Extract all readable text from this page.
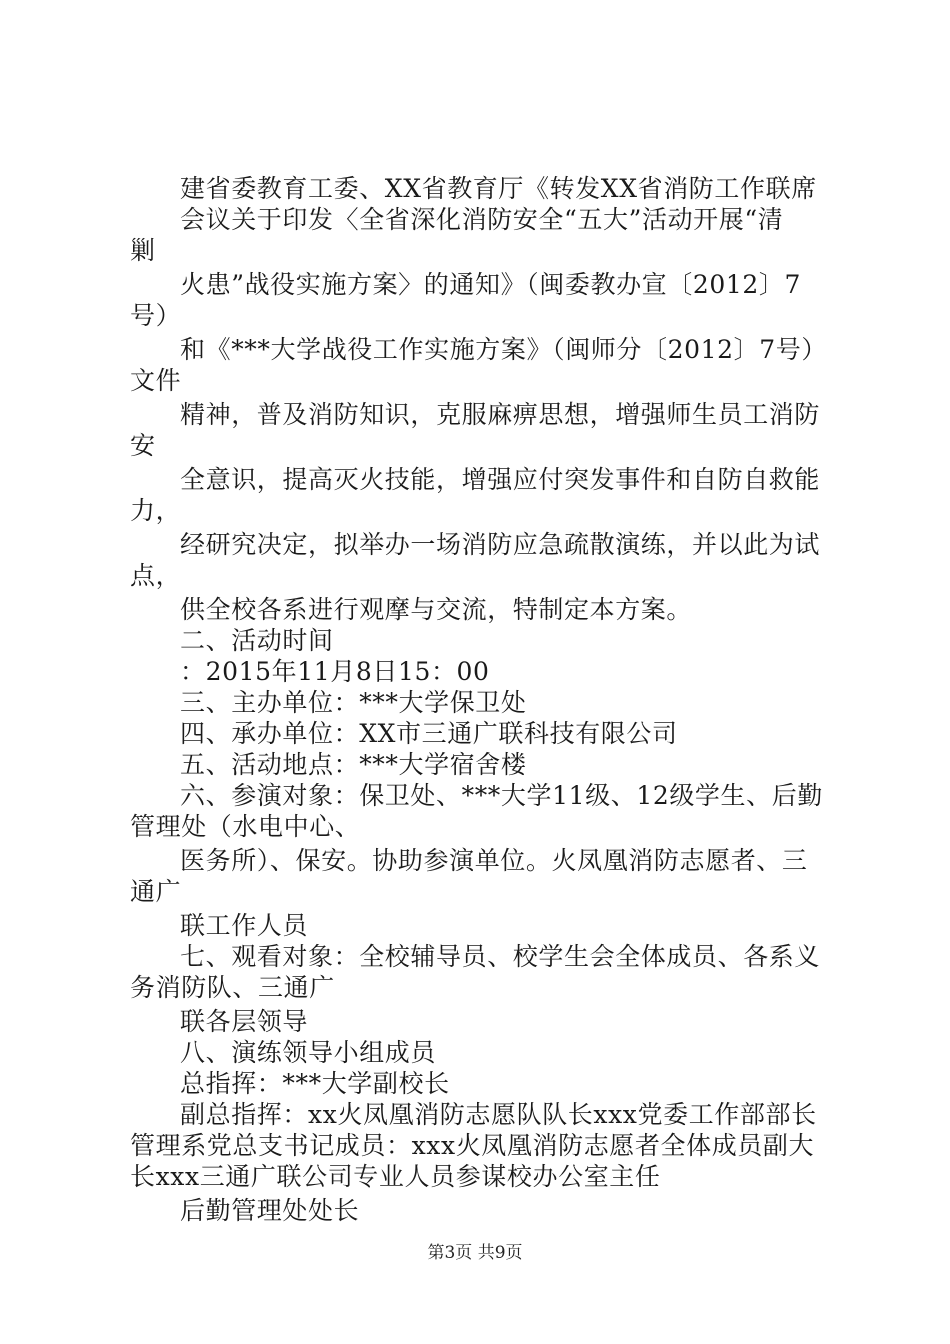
建省委教育工委、XX省教育厅《转发XX省消防工作联席
会议关于印发〈全省深化消防安全“五大”活动开展“清
剿
火患”战役实施方案〉的通知》（闽委教办宣〔2012〕7
号）
和《***大学战役工作实施方案》（闽师分〔2012〕7号）
文件
精神，普及消防知识，克服麻痹思想，增强师生员工消防
安
全意识，提高灭火技能，增强应付突发事件和自防自救能
力，
经研究决定，拟举办一场消防应急疏散演练，并以此为试
点，
供全校各系进行观摩与交流，特制定本方案。
二、活动时间
：2015年11月8日15：00
三、主办单位：***大学保卫处
四、承办单位：XX市三通广联科技有限公司
五、活动地点：***大学宿舍楼
六、参演对象：保卫处、***大学11级、12级学生、后勤
管理处（水电中心、
医务所）、保安。协助参演单位。火凤凰消防志愿者、三
通广
联工作人员
七、观看对象：全校辅导员、校学生会全体成员、各系义
务消防队、三通广
联各层领导
八、演练领导小组成员
总指挥：***大学副校长
副总指挥：xx火凤凰消防志愿队队长xxx党委工作部部长
管理系党总支书记成员：xxx火凤凰消防志愿者全体成员副大
长xxx三通广联公司专业人员参谋校办公室主任
后勤管理处处长
第3页 共9页
